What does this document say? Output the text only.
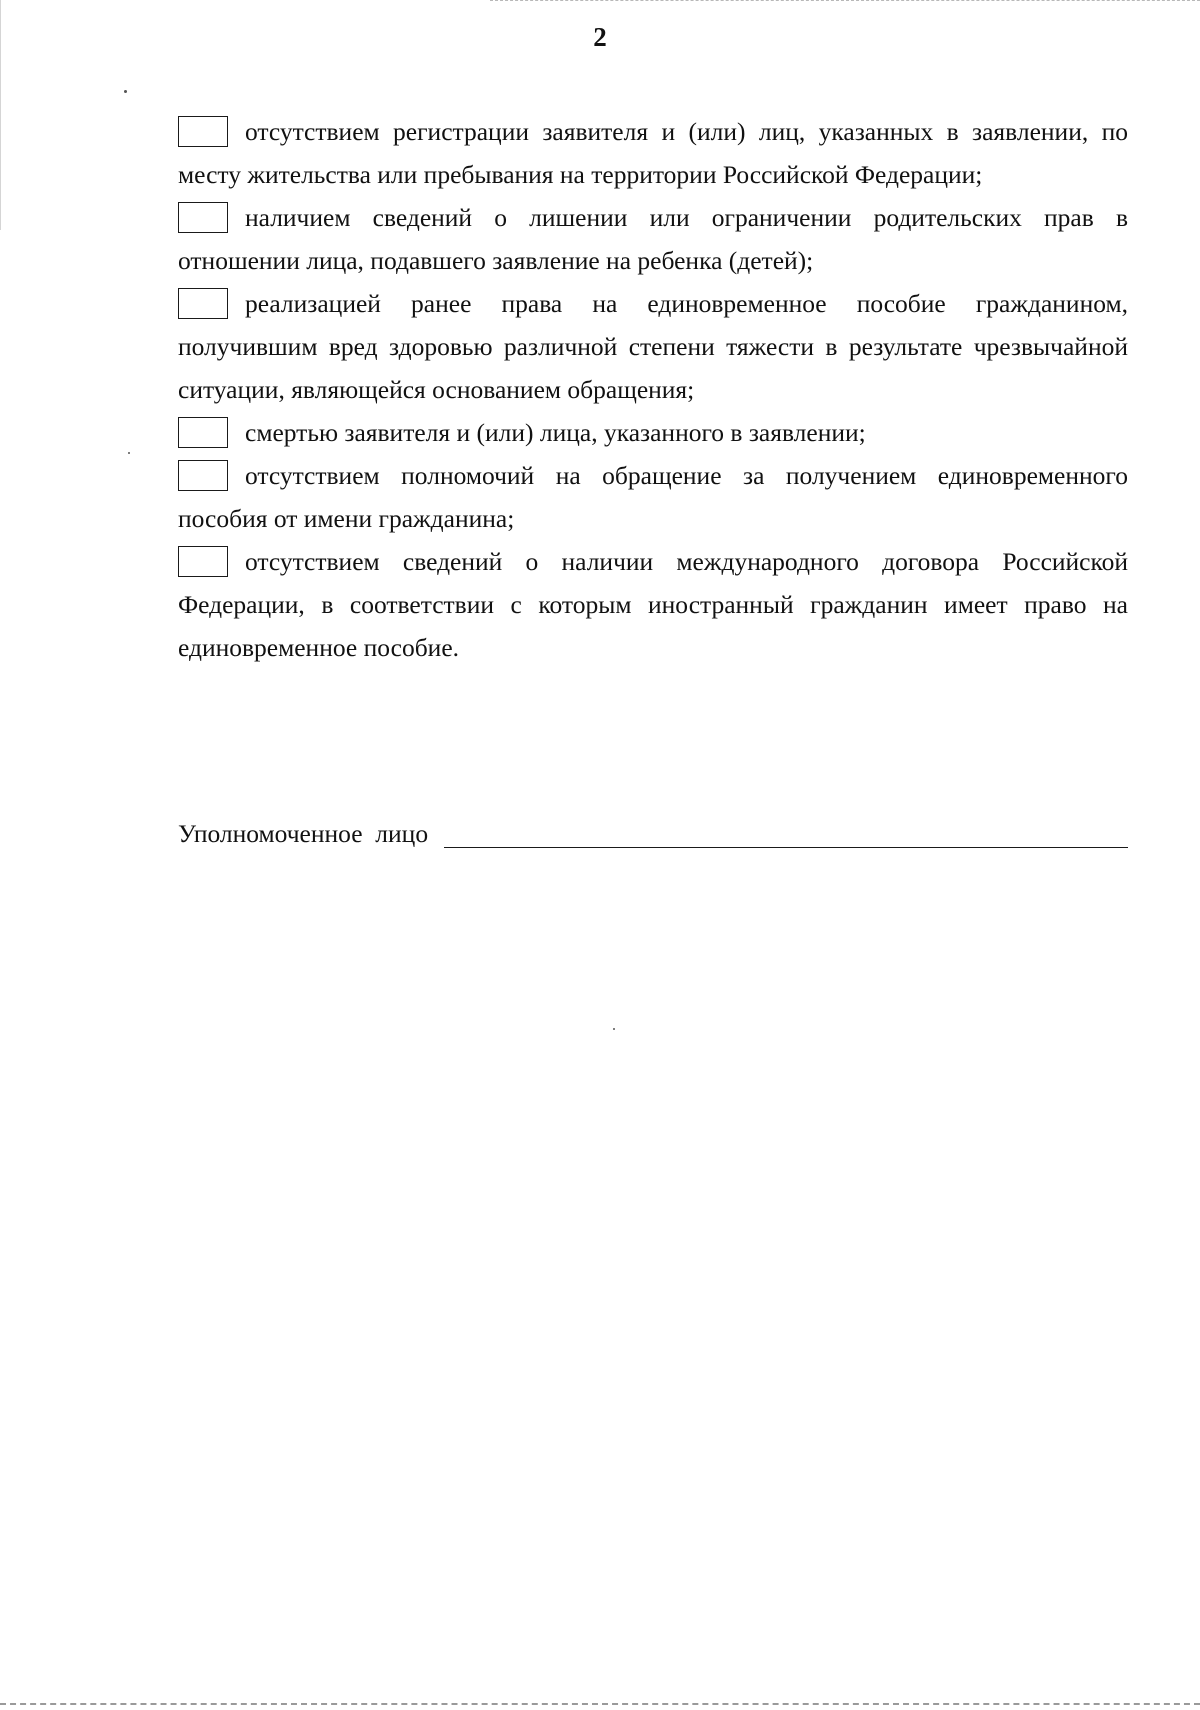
2

отсутствием регистрации заявителя и (или) лиц, указанных в заявлении, по месту жительства или пребывания на территории Российской Федерации;

наличием сведений о лишении или ограничении родительских прав в отношении лица, подавшего заявление на ребенка (детей);

реализацией ранее права на единовременное пособие гражданином, получившим вред здоровью различной степени тяжести в результате чрезвычайной ситуации, являющейся основанием обращения;

смертью заявителя и (или) лица, указанного в заявлении;

отсутствием полномочий на обращение за получением единовременного пособия от имени гражданина;

отсутствием сведений о наличии международного договора Российской Федерации, в соответствии с которым иностранный гражданин имеет право на единовременное пособие.

Уполномоченное  лицо
